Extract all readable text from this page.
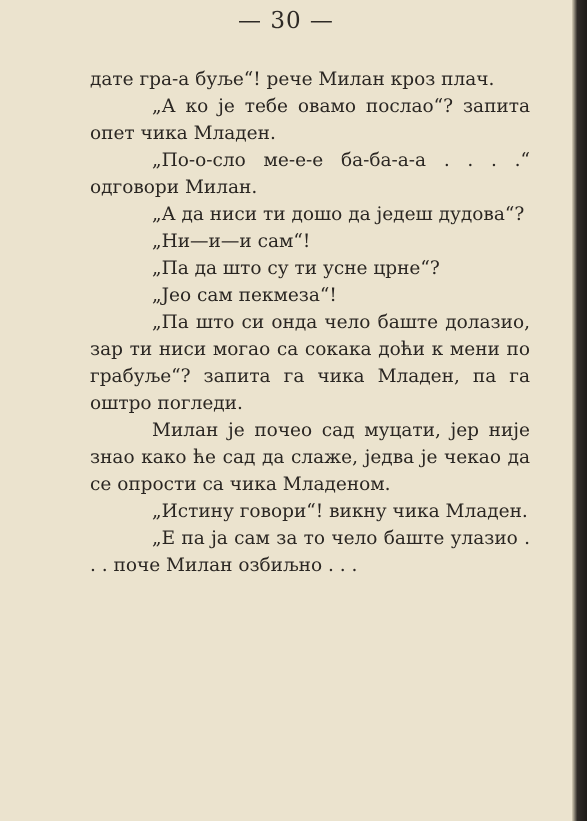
— 30 —

дате гра-а буље“! рече Милан кроз плач.

„А ко је тебе овамо послао“? запита опет чика Младен.

„По-о-сло ме-е-е ба-ба-а-а . . . .“ одговори Милан.

„А да ниси ти дошо да једеш дудова“?

„Ни—и—и сам“!

„Па да што су ти усне црне“?

„Јео сам пекмеза“!

„Па што си онда чело баште долазио, зар ти ниси могао са сокака доћи к мени по грабуље“? запита га чика Младен, па га оштро погледи.

Милан је почео сад муцати, јер није знао како ће сад да слаже, једва је чекао да се опрости са чика Младеном.

„Истину говори“! викну чика Младен.

„Е па ја сам за то чело баште улазио . . . поче Милан озбиљно . . .
